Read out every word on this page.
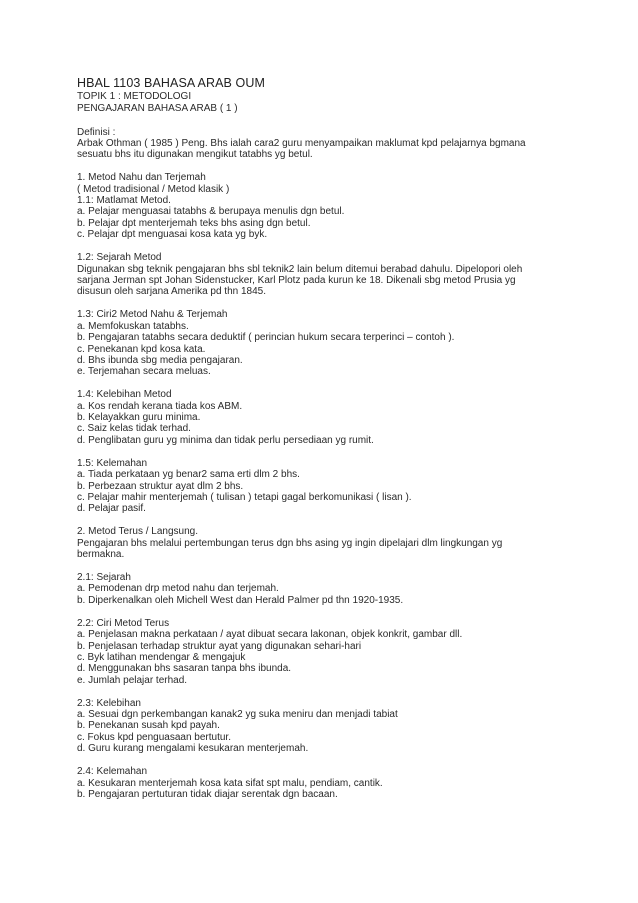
HBAL 1103 BAHASA ARAB OUM

TOPIK 1 : METODOLOGI

PENGAJARAN BAHASA ARAB ( 1 )

Definisi :
Arbak Othman ( 1985 ) Peng. Bhs ialah cara2 guru menyampaikan maklumat kpd pelajarnya bgmana
sesuatu bhs itu digunakan mengikut tatabhs yg betul.
1. Metod Nahu dan Terjemah
( Metod tradisional / Metod klasik )
1.1: Matlamat Metod.
a. Pelajar menguasai tatabhs & berupaya menulis dgn betul.
b. Pelajar dpt menterjemah teks bhs asing dgn betul.
c. Pelajar dpt menguasai kosa kata yg byk.
1.2: Sejarah Metod
Digunakan sbg teknik pengajaran bhs sbl teknik2 lain belum ditemui berabad dahulu. Dipelopori oleh
sarjana Jerman spt Johan Sidenstucker, Karl Plotz pada kurun ke 18. Dikenali sbg metod Prusia yg
disusun oleh sarjana Amerika pd thn 1845.
1.3: Ciri2 Metod Nahu & Terjemah
a. Memfokuskan tatabhs.
b. Pengajaran tatabhs secara deduktif ( perincian hukum secara terperinci – contoh ).
c. Penekanan kpd kosa kata.
d. Bhs ibunda sbg media pengajaran.
e. Terjemahan secara meluas.
1.4: Kelebihan Metod
a. Kos rendah kerana tiada kos ABM.
b. Kelayakkan guru minima.
c. Saiz kelas tidak terhad.
d. Penglibatan guru yg minima dan tidak perlu persediaan yg rumit.
1.5: Kelemahan
a. Tiada perkataan yg benar2 sama erti dlm 2 bhs.
b. Perbezaan struktur ayat dlm 2 bhs.
c. Pelajar mahir menterjemah ( tulisan ) tetapi gagal berkomunikasi ( lisan ).
d. Pelajar pasif.
2. Metod Terus / Langsung.
Pengajaran bhs melalui pertembungan terus dgn bhs asing yg ingin dipelajari dlm lingkungan yg
bermakna.
2.1: Sejarah
a. Pemodenan drp metod nahu dan terjemah.
b. Diperkenalkan oleh Michell West dan Herald Palmer pd thn 1920-1935.
2.2: Ciri Metod Terus
a. Penjelasan makna perkataan / ayat dibuat secara lakonan, objek konkrit, gambar dll.
b. Penjelasan terhadap struktur ayat yang digunakan sehari-hari
c. Byk latihan mendengar & mengajuk
d. Menggunakan bhs sasaran tanpa bhs ibunda.
e. Jumlah pelajar terhad.
2.3: Kelebihan
a. Sesuai dgn perkembangan kanak2 yg suka meniru dan menjadi tabiat
b. Penekanan susah kpd payah.
c. Fokus kpd penguasaan bertutur.
d. Guru kurang mengalami kesukaran menterjemah.
2.4: Kelemahan
a. Kesukaran menterjemah kosa kata sifat spt malu, pendiam, cantik.
b. Pengajaran pertuturan tidak diajar serentak dgn bacaan.
